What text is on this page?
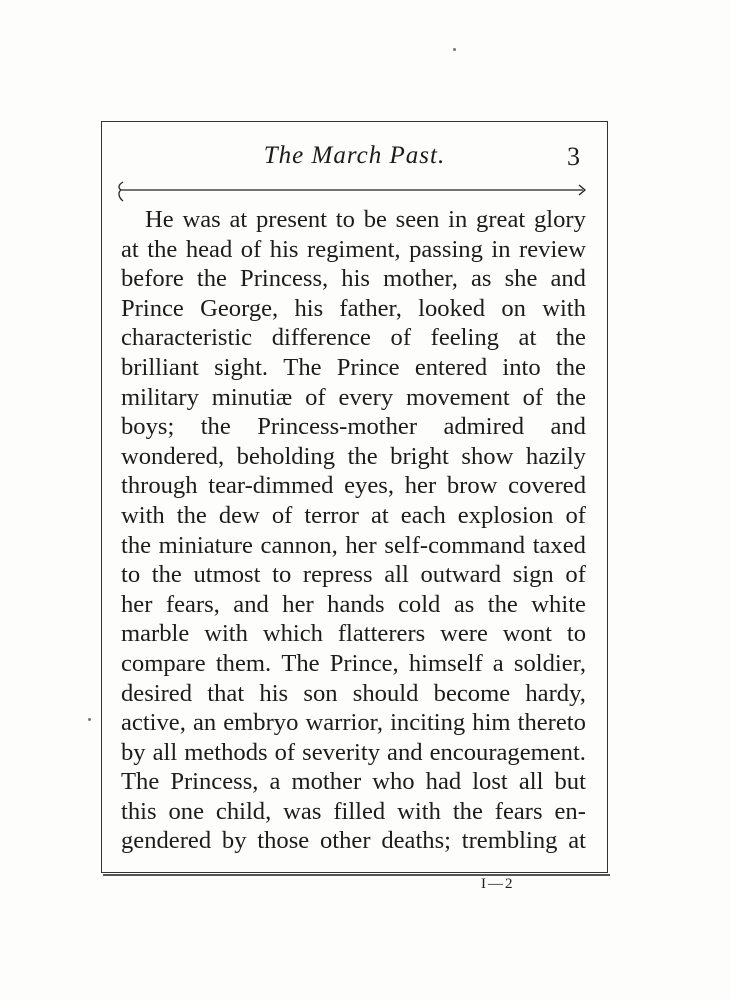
The March Past.	3
He was at present to be seen in great glory
at the head of his regiment, passing in review
before the Princess, his mother, as she and
Prince George, his father, looked on with
characteristic difference of feeling at the
brilliant sight. The Prince entered into the
military minutiæ of every movement of the
boys; the Princess-mother admired and
wondered, beholding the bright show hazily
through tear-dimmed eyes, her brow covered
with the dew of terror at each explosion of
the miniature cannon, her self-command taxed
to the utmost to repress all outward sign of
her fears, and her hands cold as the white
marble with which flatterers were wont to
compare them. The Prince, himself a soldier,
desired that his son should become hardy,
active, an embryo warrior, inciting him thereto
by all methods of severity and encouragement.
The Princess, a mother who had lost all but
this one child, was filled with the fears en-
gendered by those other deaths; trembling at
I—2
